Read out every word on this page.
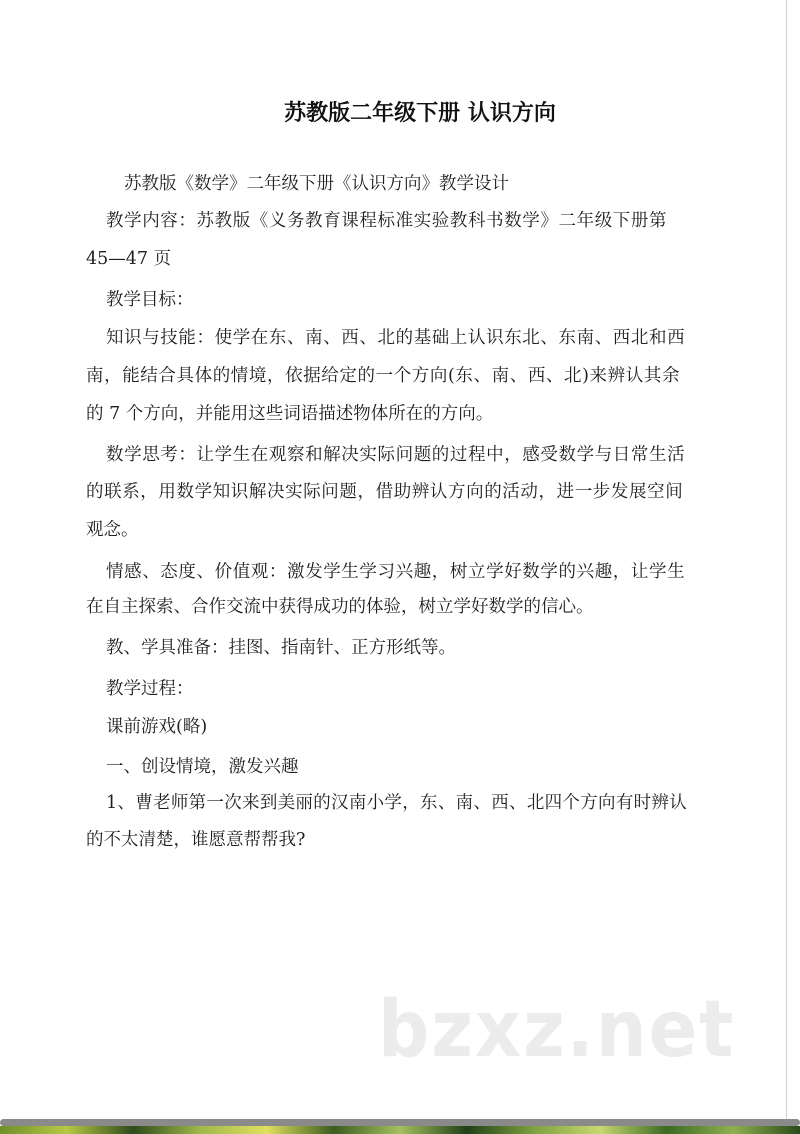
苏教版二年级下册 认识方向
苏教版《数学》二年级下册《认识方向》教学设计
教学内容：苏教版《义务教育课程标准实验教科书数学》二年级下册第
45—47 页
教学目标：
知识与技能：使学在东、南、西、北的基础上认识东北、东南、西北和西
南，能结合具体的情境，依据给定的一个方向(东、南、西、北)来辨认其余
的 7 个方向，并能用这些词语描述物体所在的方向。
数学思考：让学生在观察和解决实际问题的过程中，感受数学与日常生活
的联系，用数学知识解决实际问题，借助辨认方向的活动，进一步发展空间
观念。
情感、态度、价值观：激发学生学习兴趣，树立学好数学的兴趣，让学生
在自主探索、合作交流中获得成功的体验，树立学好数学的信心。
教、学具准备：挂图、指南针、正方形纸等。
教学过程：
课前游戏(略)
一、创设情境，激发兴趣
1、曹老师第一次来到美丽的汉南小学，东、南、西、北四个方向有时辨认
的不太清楚，谁愿意帮帮我?
bzxz.net
